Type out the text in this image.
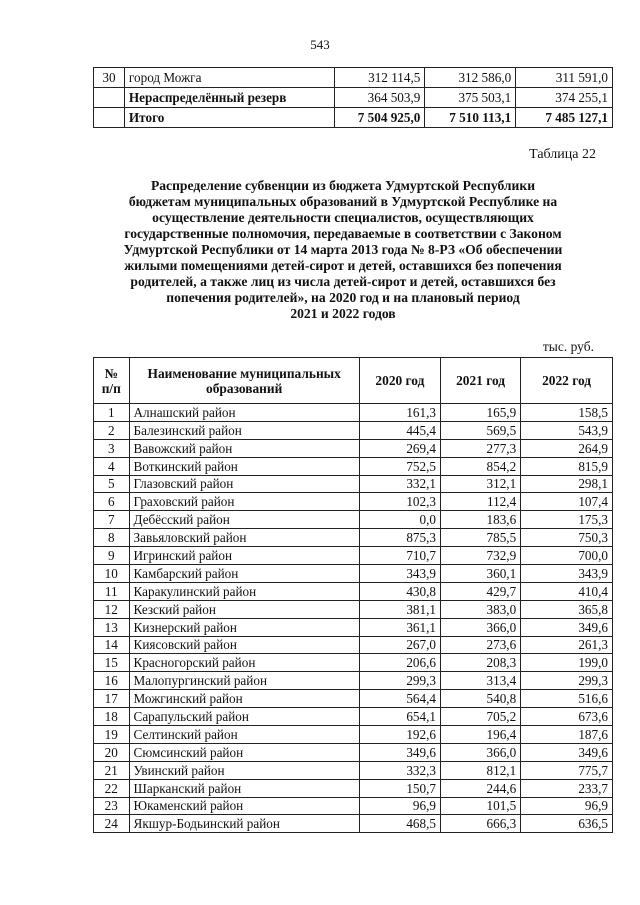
543
30	город Можга	312 114,5	312 586,0	311 591,0
	Нераспределённый резерв	364 503,9	375 503,1	374 255,1
	Итого	7 504 925,0	7 510 113,1	7 485 127,1
Таблица 22
Распределение субвенции из бюджета Удмуртской Республики
бюджетам муниципальных образований в Удмуртской Республике на
осуществление деятельности специалистов, осуществляющих
государственные полномочия, передаваемые в соответствии с Законом
Удмуртской Республики от 14 марта 2013 года № 8-РЗ «Об обеспечении
жилыми помещениями детей-сирот и детей, оставшихся без попечения
родителей, а также лиц из числа детей-сирот и детей, оставшихся без
попечения родителей», на 2020 год и на плановый период
2021 и 2022 годов
тыс. руб.
№ п/п	Наименование муниципальных образований	2020 год	2021 год	2022 год
1	Алнашский район	161,3	165,9	158,5
2	Балезинский район	445,4	569,5	543,9
3	Вавожский район	269,4	277,3	264,9
4	Воткинский район	752,5	854,2	815,9
5	Глазовский район	332,1	312,1	298,1
6	Граховский район	102,3	112,4	107,4
7	Дебёсский район	0,0	183,6	175,3
8	Завьяловский район	875,3	785,5	750,3
9	Игринский район	710,7	732,9	700,0
10	Камбарский район	343,9	360,1	343,9
11	Каракулинский район	430,8	429,7	410,4
12	Кезский район	381,1	383,0	365,8
13	Кизнерский район	361,1	366,0	349,6
14	Киясовский район	267,0	273,6	261,3
15	Красногорский район	206,6	208,3	199,0
16	Малопургинский район	299,3	313,4	299,3
17	Можгинский район	564,4	540,8	516,6
18	Сарапульский район	654,1	705,2	673,6
19	Селтинский район	192,6	196,4	187,6
20	Сюмсинский район	349,6	366,0	349,6
21	Увинский район	332,3	812,1	775,7
22	Шарканский район	150,7	244,6	233,7
23	Юкаменский район	96,9	101,5	96,9
24	Якшур-Бодьинский район	468,5	666,3	636,5
